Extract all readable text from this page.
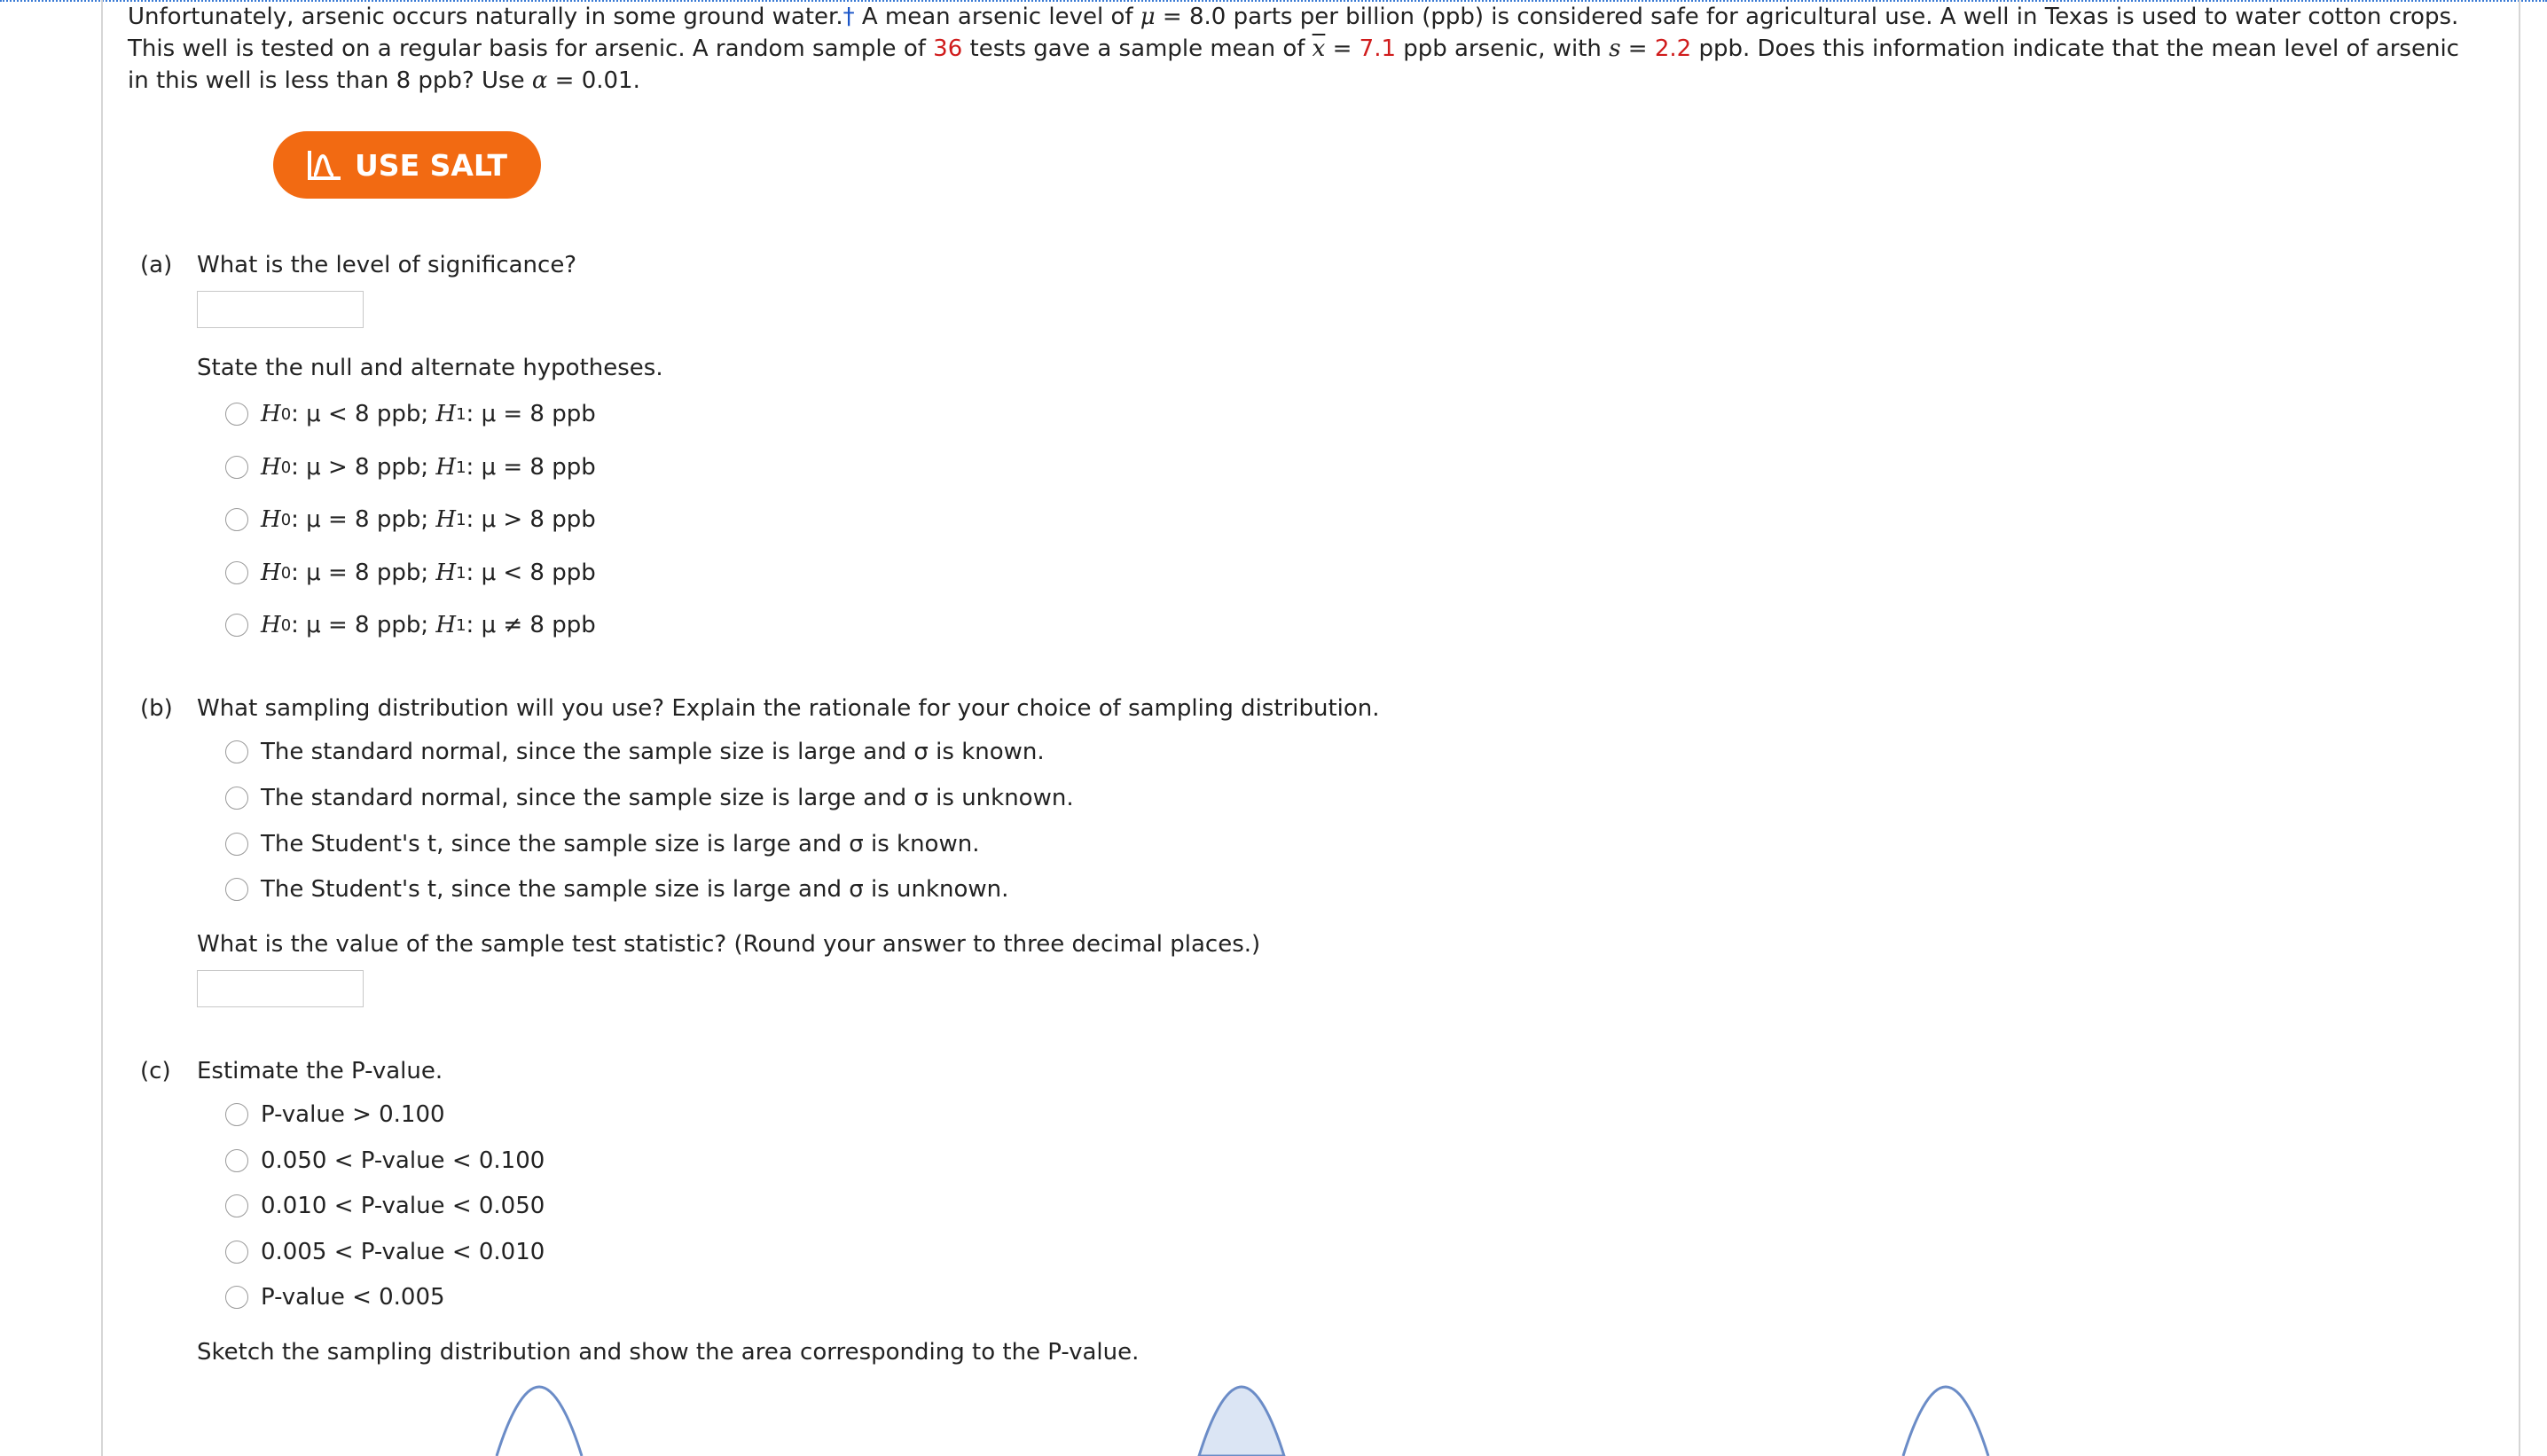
Unfortunately, arsenic occurs naturally in some ground water.† A mean arsenic level of μ = 8.0 parts per billion (ppb) is considered safe for agricultural use. A well in Texas is used to water cotton crops.
This well is tested on a regular basis for arsenic. A random sample of 36 tests gave a sample mean of $\overline{x} = 7.1$ ppb arsenic, with s = 2.2 ppb. Does this information indicate that the mean level of arsenic
in this well is less than 8 ppb? Use α = 0.01.
USE SALT
(a) What is the level of significance?
State the null and alternate hypotheses.
H 0 : μ < 8 ppb ; H 1 : μ = 8 ppb
H 0 : μ > 8 ppb ; H 1 : μ = 8 ppb
H 0 : μ = 8 ppb ; H 1 : μ > 8 ppb
H 0 : μ = 8 ppb ; H 1 : μ < 8 ppb
H 0 : μ = 8 ppb ; H 1 : μ ≠ 8 ppb
(b) What sampling distribution will you use? Explain the rationale for your choice of sampling distribution.
The standard normal, since the sample size is large and σ is known.
The standard normal, since the sample size is large and σ is unknown.
The Student's t, since the sample size is large and σ is known.
The Student's t, since the sample size is large and σ is unknown.
What is the value of the sample test statistic? (Round your answer to three decimal places.)
(c) Estimate the P-value.
P-value > 0.100
0.050 < P-value < 0.100
0.010 < P-value < 0.050
0.005 < P-value < 0.010
P-value < 0.005
Sketch the sampling distribution and show the area corresponding to the P-value.
